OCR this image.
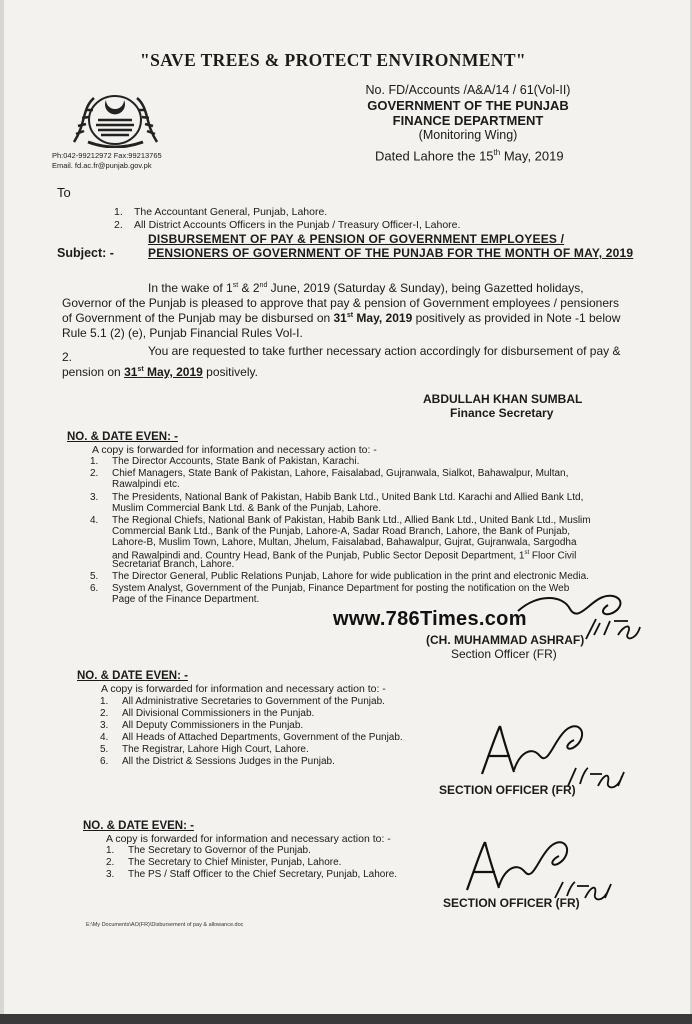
"SAVE TREES & PROTECT ENVIRONMENT"
Ph:042-99212972 Fax:99213765
Email. fd.ac.fr@punjab.gov.pk
No. FD/Accounts /A&A/14 / 61(Vol-II)
GOVERNMENT OF THE PUNJAB
FINANCE DEPARTMENT
(Monitoring Wing)
Dated Lahore the 15th May, 2019
To
1. The Accountant General, Punjab, Lahore.
2. All District Accounts Officers in the Punjab / Treasury Officer-I, Lahore.
Subject: -
DISBURSEMENT OF PAY & PENSION OF GOVERNMENT EMPLOYEES /
PENSIONERS OF GOVERNMENT OF THE PUNJAB FOR THE MONTH OF MAY, 2019
In the wake of 1st & 2nd June, 2019 (Saturday & Sunday), being Gazetted holidays,
Governor of the Punjab is pleased to approve that pay & pension of Government employees / pensioners
of Government of the Punjab may be disbursed on 31st May, 2019 positively as provided in Note -1 below
Rule 5.1 (2) (e), Punjab Financial Rules Vol-I.
2.	You are requested to take further necessary action accordingly for disbursement of pay &
pension on 31st May, 2019 positively.
ABDULLAH KHAN SUMBAL
Finance Secretary
NO. & DATE EVEN: -
A copy is forwarded for information and necessary action to: -
1. The Director Accounts, State Bank of Pakistan, Karachi.
2. Chief Managers, State Bank of Pakistan, Lahore, Faisalabad, Gujranwala, Sialkot, Bahawalpur, Multan,
Rawalpindi etc.
3. The Presidents, National Bank of Pakistan, Habib Bank Ltd., United Bank Ltd. Karachi and Allied Bank Ltd,
Muslim Commercial Bank Ltd. & Bank of the Punjab, Lahore.
4. The Regional Chiefs, National Bank of Pakistan, Habib Bank Ltd., Allied Bank Ltd., United Bank Ltd., Muslim
Commercial Bank Ltd., Bank of the Punjab, Lahore-A, Sadar Road Branch, Lahore, the Bank of Punjab,
Lahore-B, Muslim Town, Lahore, Multan, Jhelum, Faisalabad, Bahawalpur, Gujrat, Gujranwala, Sargodha
and Rawalpindi and. Country Head, Bank of the Punjab, Public Sector Deposit Department, 1st Floor Civil
Secretariat Branch, Lahore.
5. The Director General, Public Relations Punjab, Lahore for wide publication in the print and electronic Media.
6. System Analyst, Government of the Punjab, Finance Department for posting the notification on the Web
Page of the Finance Department.
www.786Times.com
(CH. MUHAMMAD ASHRAF)
Section Officer (FR)
NO. & DATE EVEN: -
A copy is forwarded for information and necessary action to: -
1. All Administrative Secretaries to Government of the Punjab.
2. All Divisional Commissioners in the Punjab.
3. All Deputy Commissioners in the Punjab.
4. All Heads of Attached Departments, Government of the Punjab.
5. The Registrar, Lahore High Court, Lahore.
6. All the District & Sessions Judges in the Punjab.
SECTION OFFICER (FR)
NO. & DATE EVEN: -
A copy is forwarded for information and necessary action to: -
1. The Secretary to Governor of the Punjab.
2. The Secretary to Chief Minister, Punjab, Lahore.
3. The PS / Staff Officer to the Chief Secretary, Punjab, Lahore.
SECTION OFFICER (FR)
E:\My Documents\AO(FR)\Disbursement of pay & allowance.doc
